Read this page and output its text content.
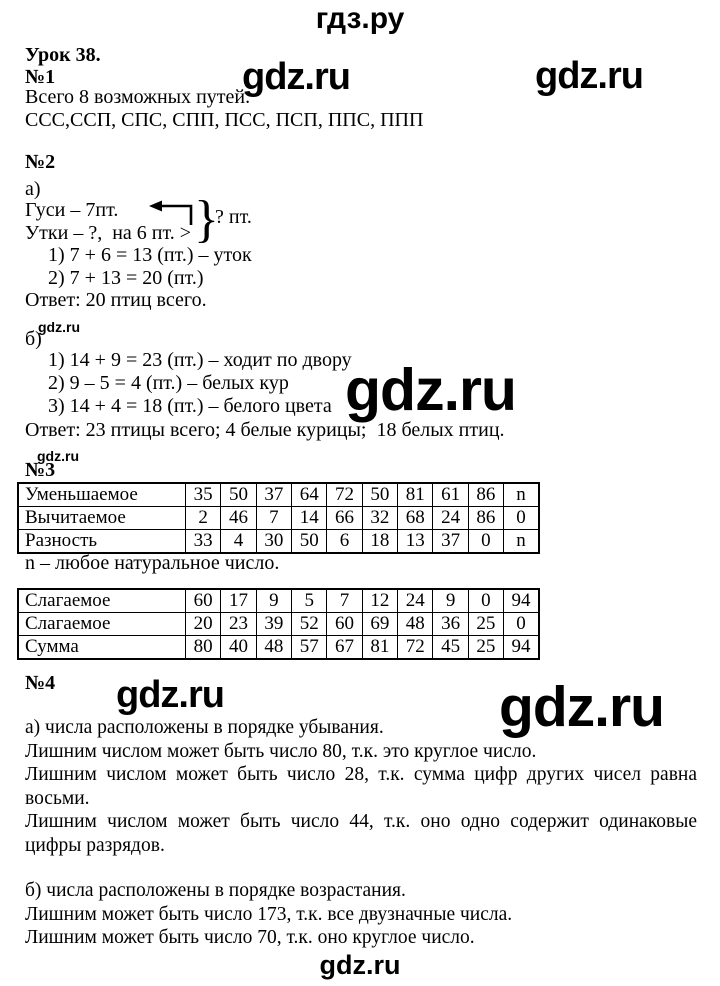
гдз.ру
Урок 38.
№1	gdz.ru	gdz.ru
Всего 8 возможных путей.
ССС,ССП, СПС, СПП, ПСС, ПСП, ППС, ППП
№2
а)
Гуси – 7пт.
Утки – ?,  на 6 пт. > }
? пт.
1) 7 + 6 = 13 (пт.) – уток
2) 7 + 13 = 20 (пт.)
Ответ: 20 птиц всего.
gdz.ru
б)
1) 14 + 9 = 23 (пт.) – ходит по двору
2) 9 – 5 = 4 (пт.) – белых кур
3) 14 + 4 = 18 (пт.) – белого цвета gdz.ru
Ответ: 23 птицы всего; 4 белые курицы;  18 белых птиц.
gdz.ru
№3
Уменьшаемое	35	50	37	64	72	50	81	61	86	n
Вычитаемое	2	46	7	14	66	32	68	24	86	0
Разность	33	4	30	50	6	18	13	37	0	n
n – любое натуральное число.
Слагаемое	60	17	9	5	7	12	24	9	0	94
Слагаемое	20	23	39	52	60	69	48	36	25	0
Сумма	80	40	48	57	67	81	72	45	25	94
№4 gdz.ru	gdz.ru
а) числа расположены в порядке убывания.
Лишним числом может быть число 80, т.к. это круглое число.
Лишним числом может быть число 28, т.к. сумма цифр других чисел равна
восьми.
Лишним числом может быть число 44, т.к. оно одно содержит одинаковые
цифры разрядов.
б) числа расположены в порядке возрастания.
Лишним может быть число 173, т.к. все двузначные числа.
Лишним может быть число 70, т.к. оно круглое число.
gdz.ru
